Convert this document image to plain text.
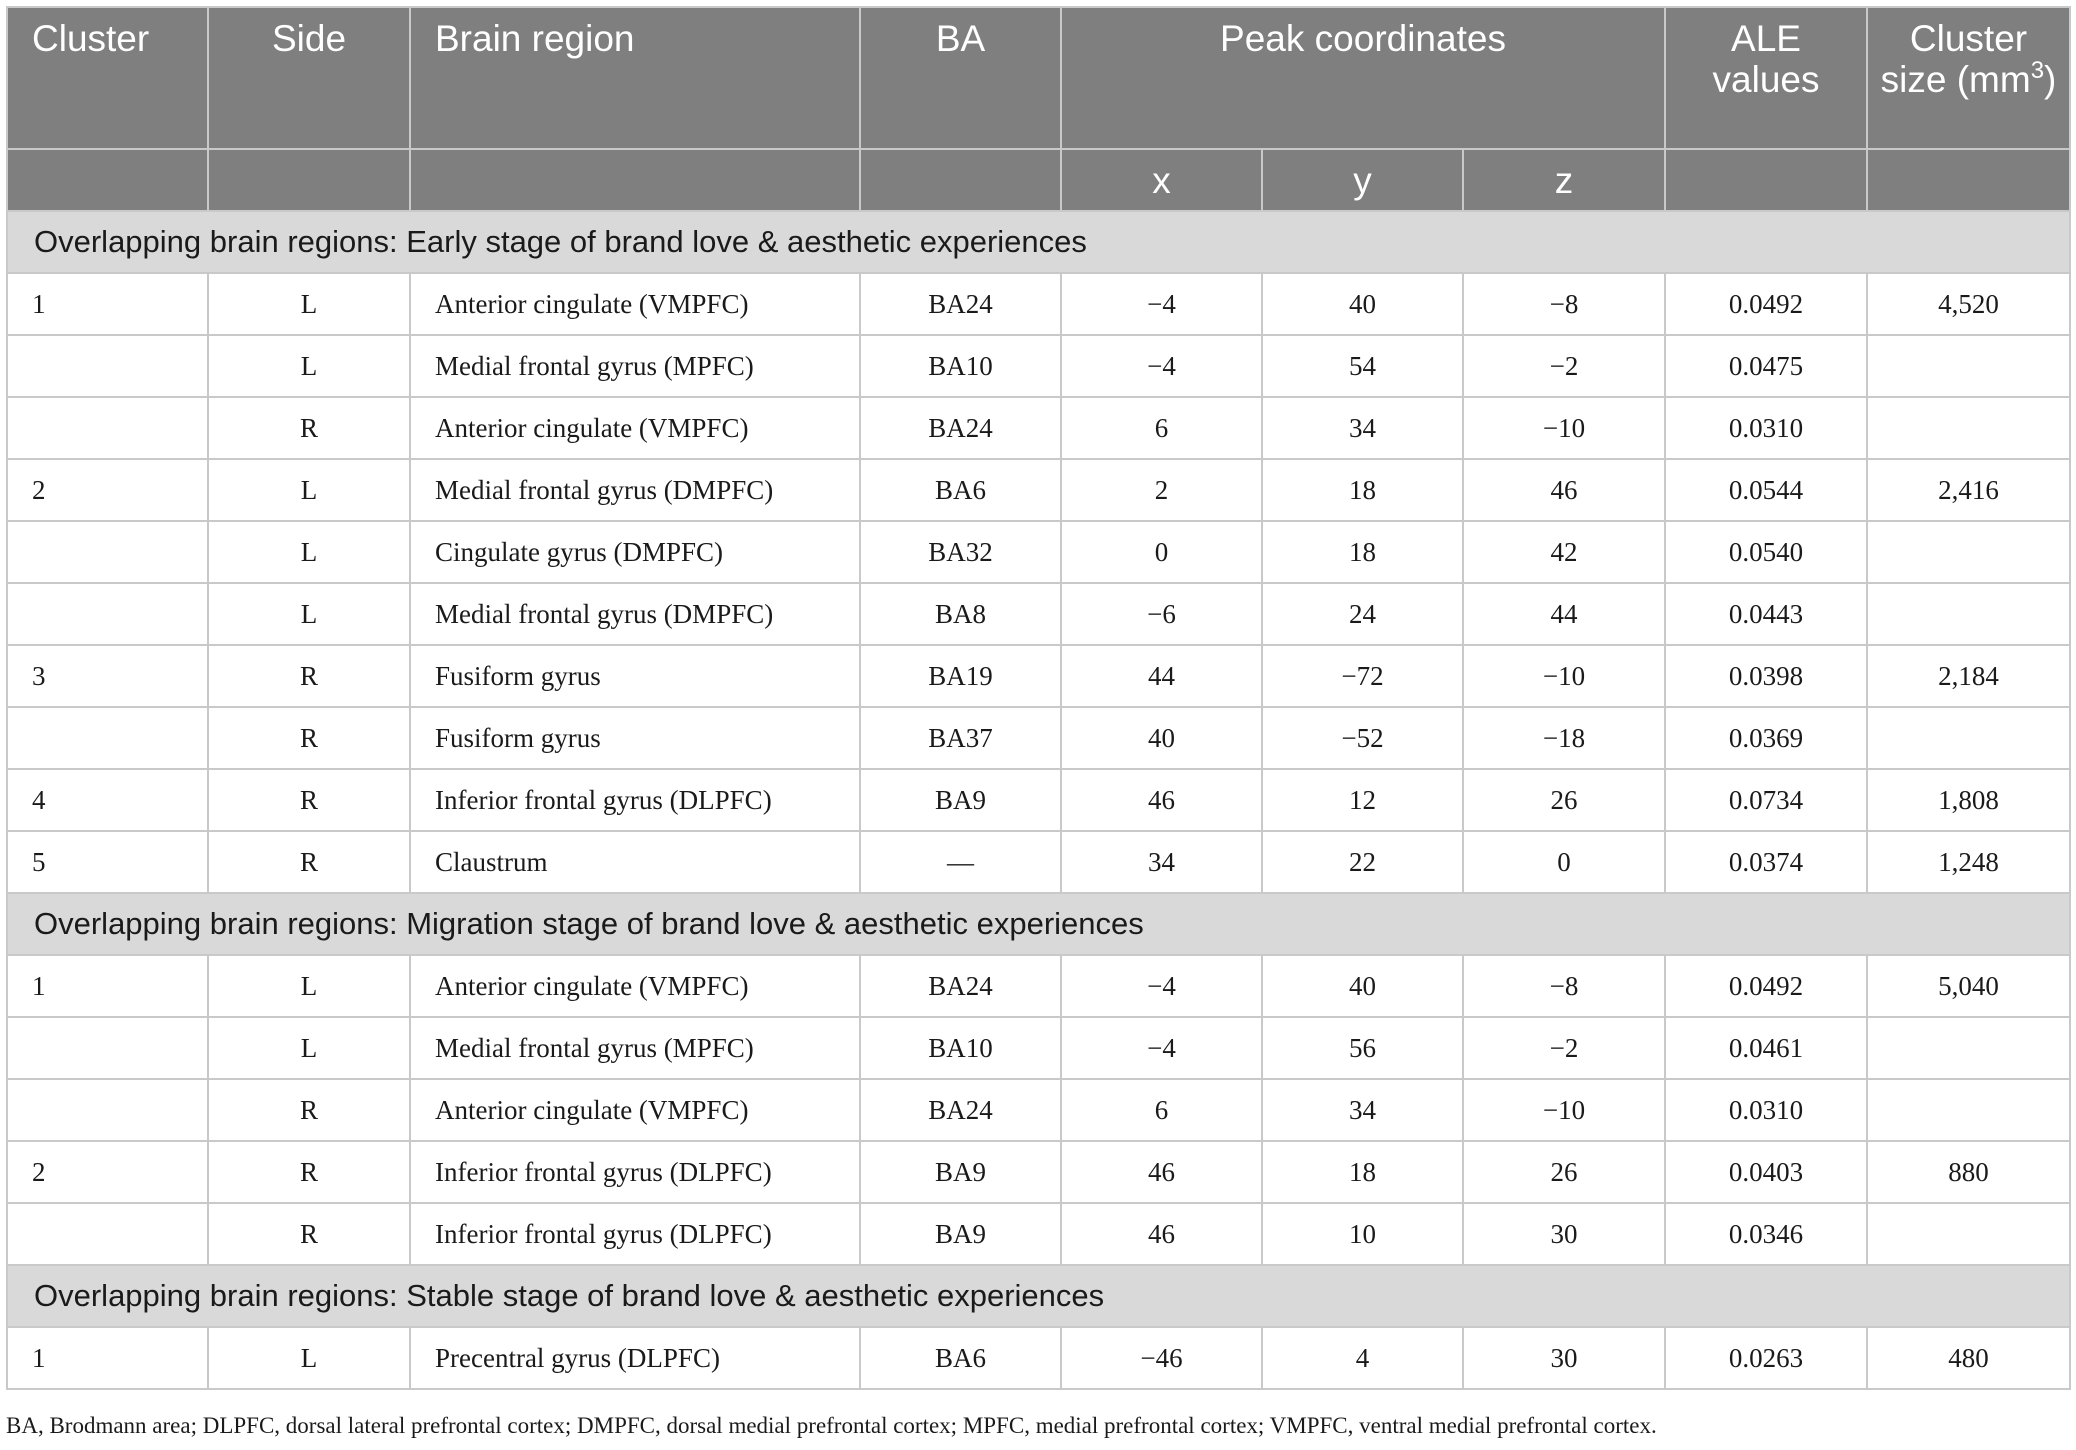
Cluster	Side	Brain region	BA	Peak coordinates			ALE values	Cluster size $(mm^3)$
				x	y	z		
Overlapping brain regions: Early stage of brand love & aesthetic experiences								
1	L	Anterior cingulate (VMPFC)	BA24	−4	40	−8	0.0492	4,520
	L	Medial frontal gyrus (MPFC)	BA10	−4	54	−2	0.0475	
	R	Anterior cingulate (VMPFC)	BA24	6	34	−10	0.0310	
2	L	Medial frontal gyrus (DMPFC)	BA6	2	18	46	0.0544	2,416
	L	Cingulate gyrus (DMPFC)	BA32	0	18	42	0.0540	
	L	Medial frontal gyrus (DMPFC)	BA8	−6	24	44	0.0443	
3	R	Fusiform gyrus	BA19	44	−72	−10	0.0398	2,184
	R	Fusiform gyrus	BA37	40	−52	−18	0.0369	
4	R	Inferior frontal gyrus (DLPFC)	BA9	46	12	26	0.0734	1,808
5	R	Claustrum	—	34	22	0	0.0374	1,248
Overlapping brain regions: Migration stage of brand love & aesthetic experiences								
1	L	Anterior cingulate (VMPFC)	BA24	−4	40	−8	0.0492	5,040
	L	Medial frontal gyrus (MPFC)	BA10	−4	56	−2	0.0461	
	R	Anterior cingulate (VMPFC)	BA24	6	34	−10	0.0310	
2	R	Inferior frontal gyrus (DLPFC)	BA9	46	18	26	0.0403	880
	R	Inferior frontal gyrus (DLPFC)	BA9	46	10	30	0.0346	
Overlapping brain regions: Stable stage of brand love & aesthetic experiences								
1	L	Precentral gyrus (DLPFC)	BA6	−46	4	30	0.0263	480
BA, Brodmann area; DLPFC, dorsal lateral prefrontal cortex; DMPFC, dorsal medial prefrontal cortex; MPFC, medial prefrontal cortex; VMPFC, ventral medial prefrontal cortex.
